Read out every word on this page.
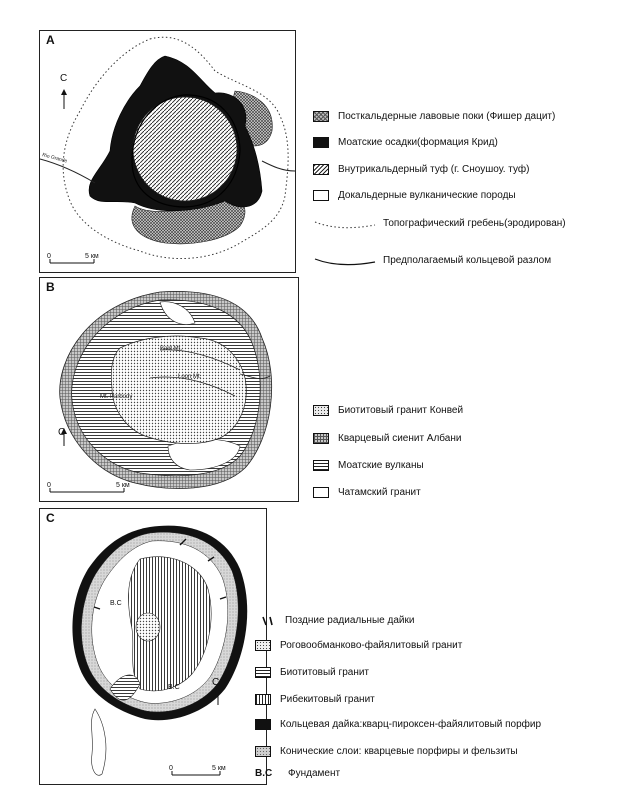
A
Rio Grande
С
0	5 км
Посткальдерные лавовые поки (Фишер дацит)
Моатские осадки(формация Крид)
Внутрикальдерный туф (г. Сноушоу. туф)
Докальдерные вулканические породы
Топографический гребень(эродирован)
Предполагаемый кольцевой разлом
B
Bald Mt.
Mt. Parbody
Loon Mt.
С
0	5 км
Биотитовый гранит Конвей
Кварцевый сиенит Албани
Моатские вулканы
Чатамский гранит
C
B.C
B.C	С
0	5 км
Поздние радиальные дайки
Роговообманково-файялитовый гранит
Биотитовый гранит
Рибекитовый гранит
Кольцевая дайка:кварц-пироксен-файялитовый порфир
Конические слои: кварцевые порфиры и фельзиты
B.C	Фундамент
